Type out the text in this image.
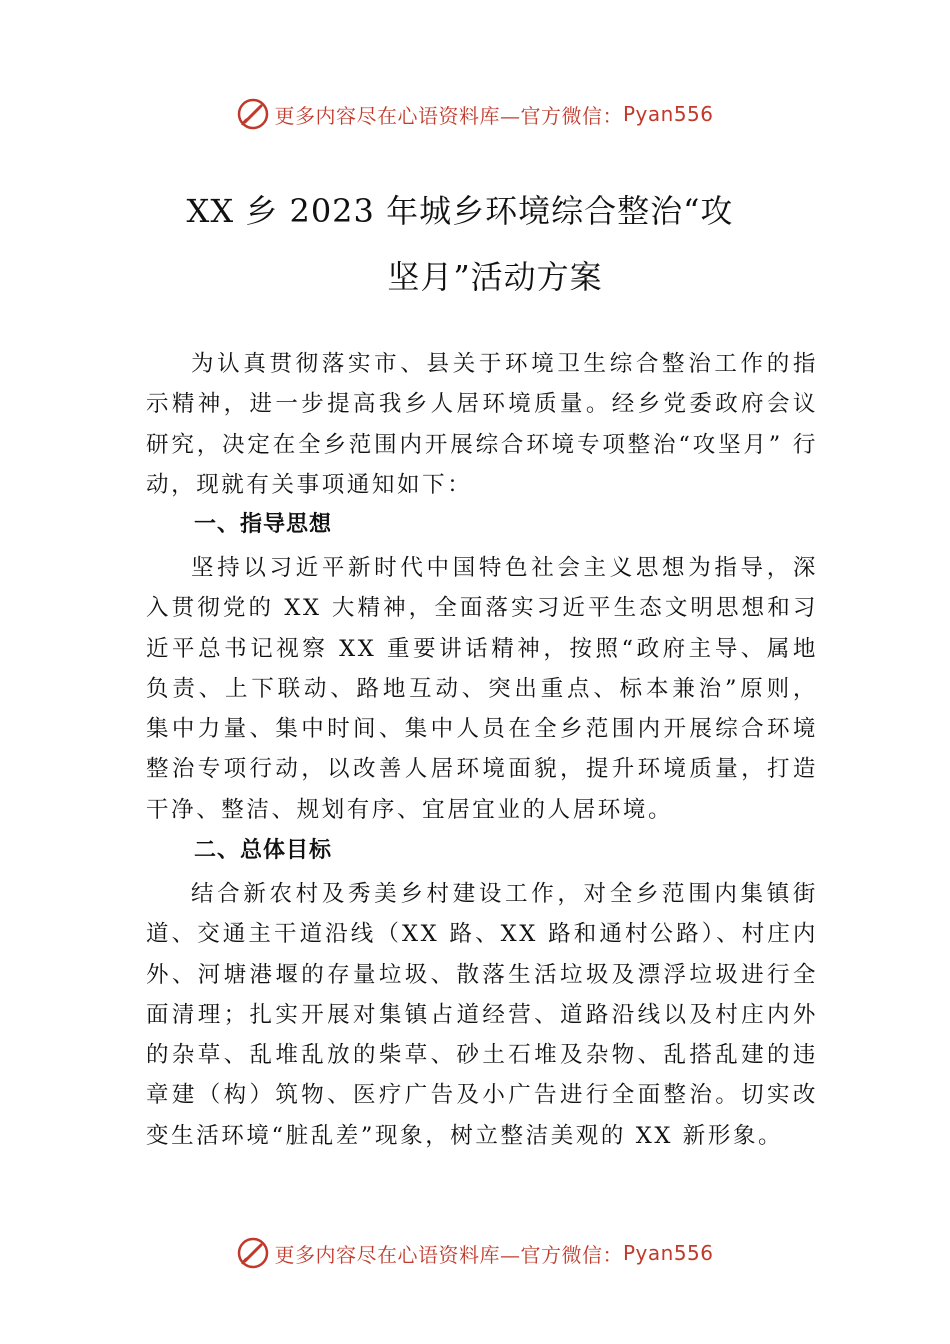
更多内容尽在心语资料库 —官方微信： Pyan556
XX 乡 2023 年城乡环境综合整治“攻
坚月”活动方案

为认真贯彻落实市、县关于环境卫生综合整治工作的指示精神，进一步提高我乡人居环境质量。经乡党委政府会议研究，决定在全乡范围内开展综合环境专项整治“攻坚月” 行动，现就有关事项通知如下：

一、指导思想

坚持以习近平新时代中国特色社会主义思想为指导，深入贯彻党的 XX 大精神，全面落实习近平生态文明思想和习近平总书记视察 XX 重要讲话精神，按照“政府主导、属地负责、上下联动、路地互动、突出重点、标本兼治”原则， 集中力量、集中时间、集中人员在全乡范围内开展综合环境整治专项行动，以改善人居环境面貌，提升环境质量，打造干净、整洁、规划有序、宜居宜业的人居环境。

二、总体目标

结合新农村及秀美乡村建设工作，对全乡范围内集镇街道、交通主干道沿线（XX 路、XX 路和通村公路）、村庄内外、河塘港堰的存量垃圾、散落生活垃圾及漂浮垃圾进行全面清理；扎实开展对集镇占道经营、道路沿线以及村庄内外的杂草、乱堆乱放的柴草、砂土石堆及杂物、乱搭乱建的违章建（构）筑物、医疗广告及小广告进行全面整治。切实改变生活环境“脏乱差”现象，树立整洁美观的 XX 新形象。

更多内容尽在心语资料库 —官方微信： Pyan556
